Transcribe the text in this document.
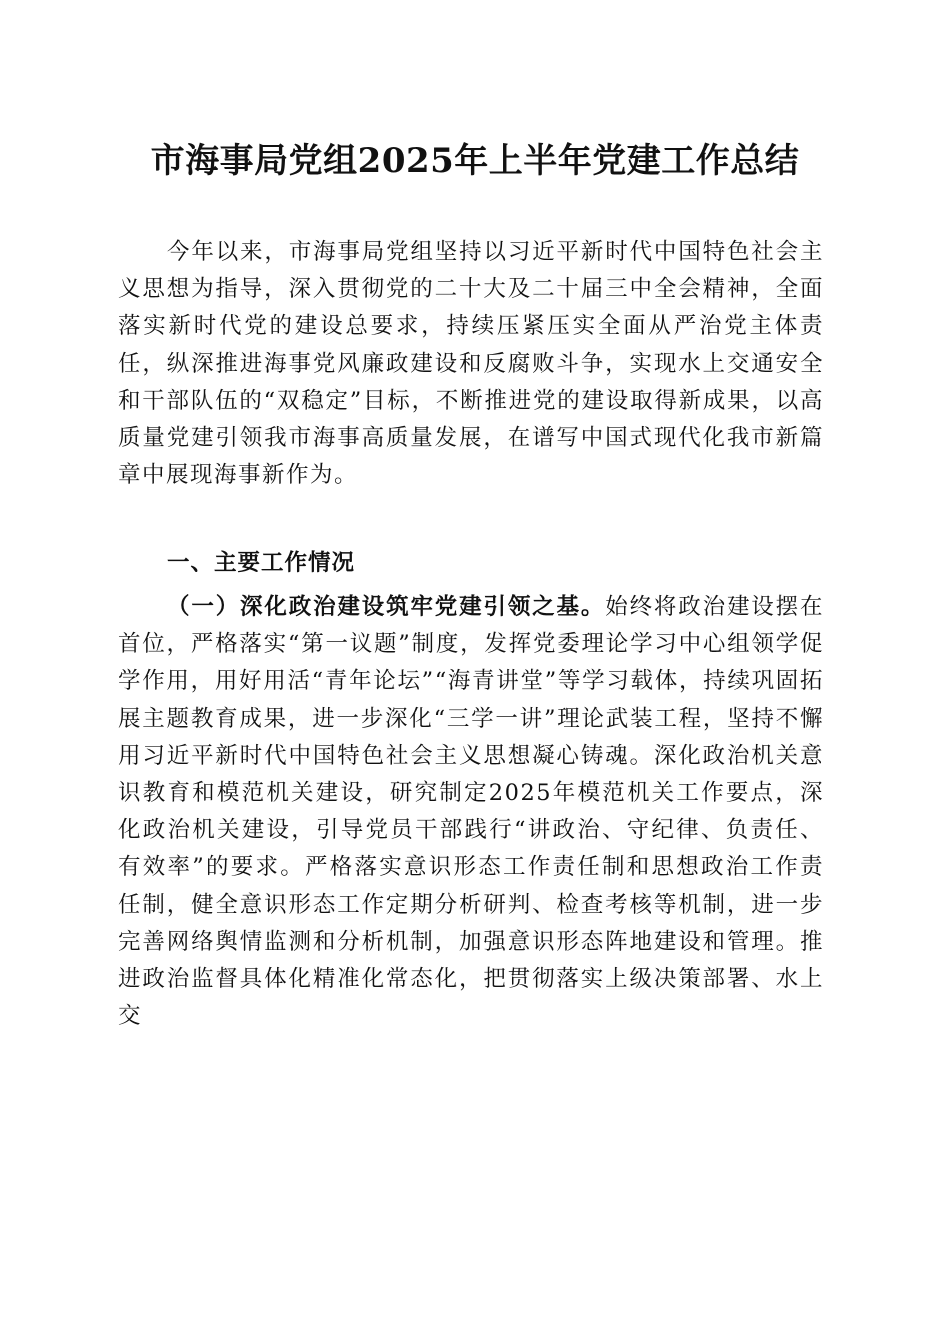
市海事局党组2025年上半年党建工作总结

今年以来，市海事局党组坚持以习近平新时代中国特色社会主义思想为指导，深入贯彻党的二十大及二十届三中全会精神，全面落实新时代党的建设总要求，持续压紧压实全面从严治党主体责任，纵深推进海事党风廉政建设和反腐败斗争，实现水上交通安全和干部队伍的“双稳定”目标，不断推进党的建设取得新成果，以高质量党建引领我市海事高质量发展，在谱写中国式现代化我市新篇章中展现海事新作为。

一、主要工作情况

（一）深化政治建设筑牢党建引领之基。始终将政治建设摆在首位，严格落实“第一议题”制度，发挥党委理论学习中心组领学促学作用，用好用活“青年论坛”“海青讲堂”等学习载体，持续巩固拓展主题教育成果，进一步深化“三学一讲”理论武装工程，坚持不懈用习近平新时代中国特色社会主义思想凝心铸魂。深化政治机关意识教育和模范机关建设，研究制定2025年模范机关工作要点，深化政治机关建设，引导党员干部践行“讲政治、守纪律、负责任、有效率”的要求。严格落实意识形态工作责任制和思想政治工作责任制，健全意识形态工作定期分析研判、检查考核等机制，进一步完善网络舆情监测和分析机制，加强意识形态阵地建设和管理。推进政治监督具体化精准化常态化，把贯彻落实上级决策部署、水上交
